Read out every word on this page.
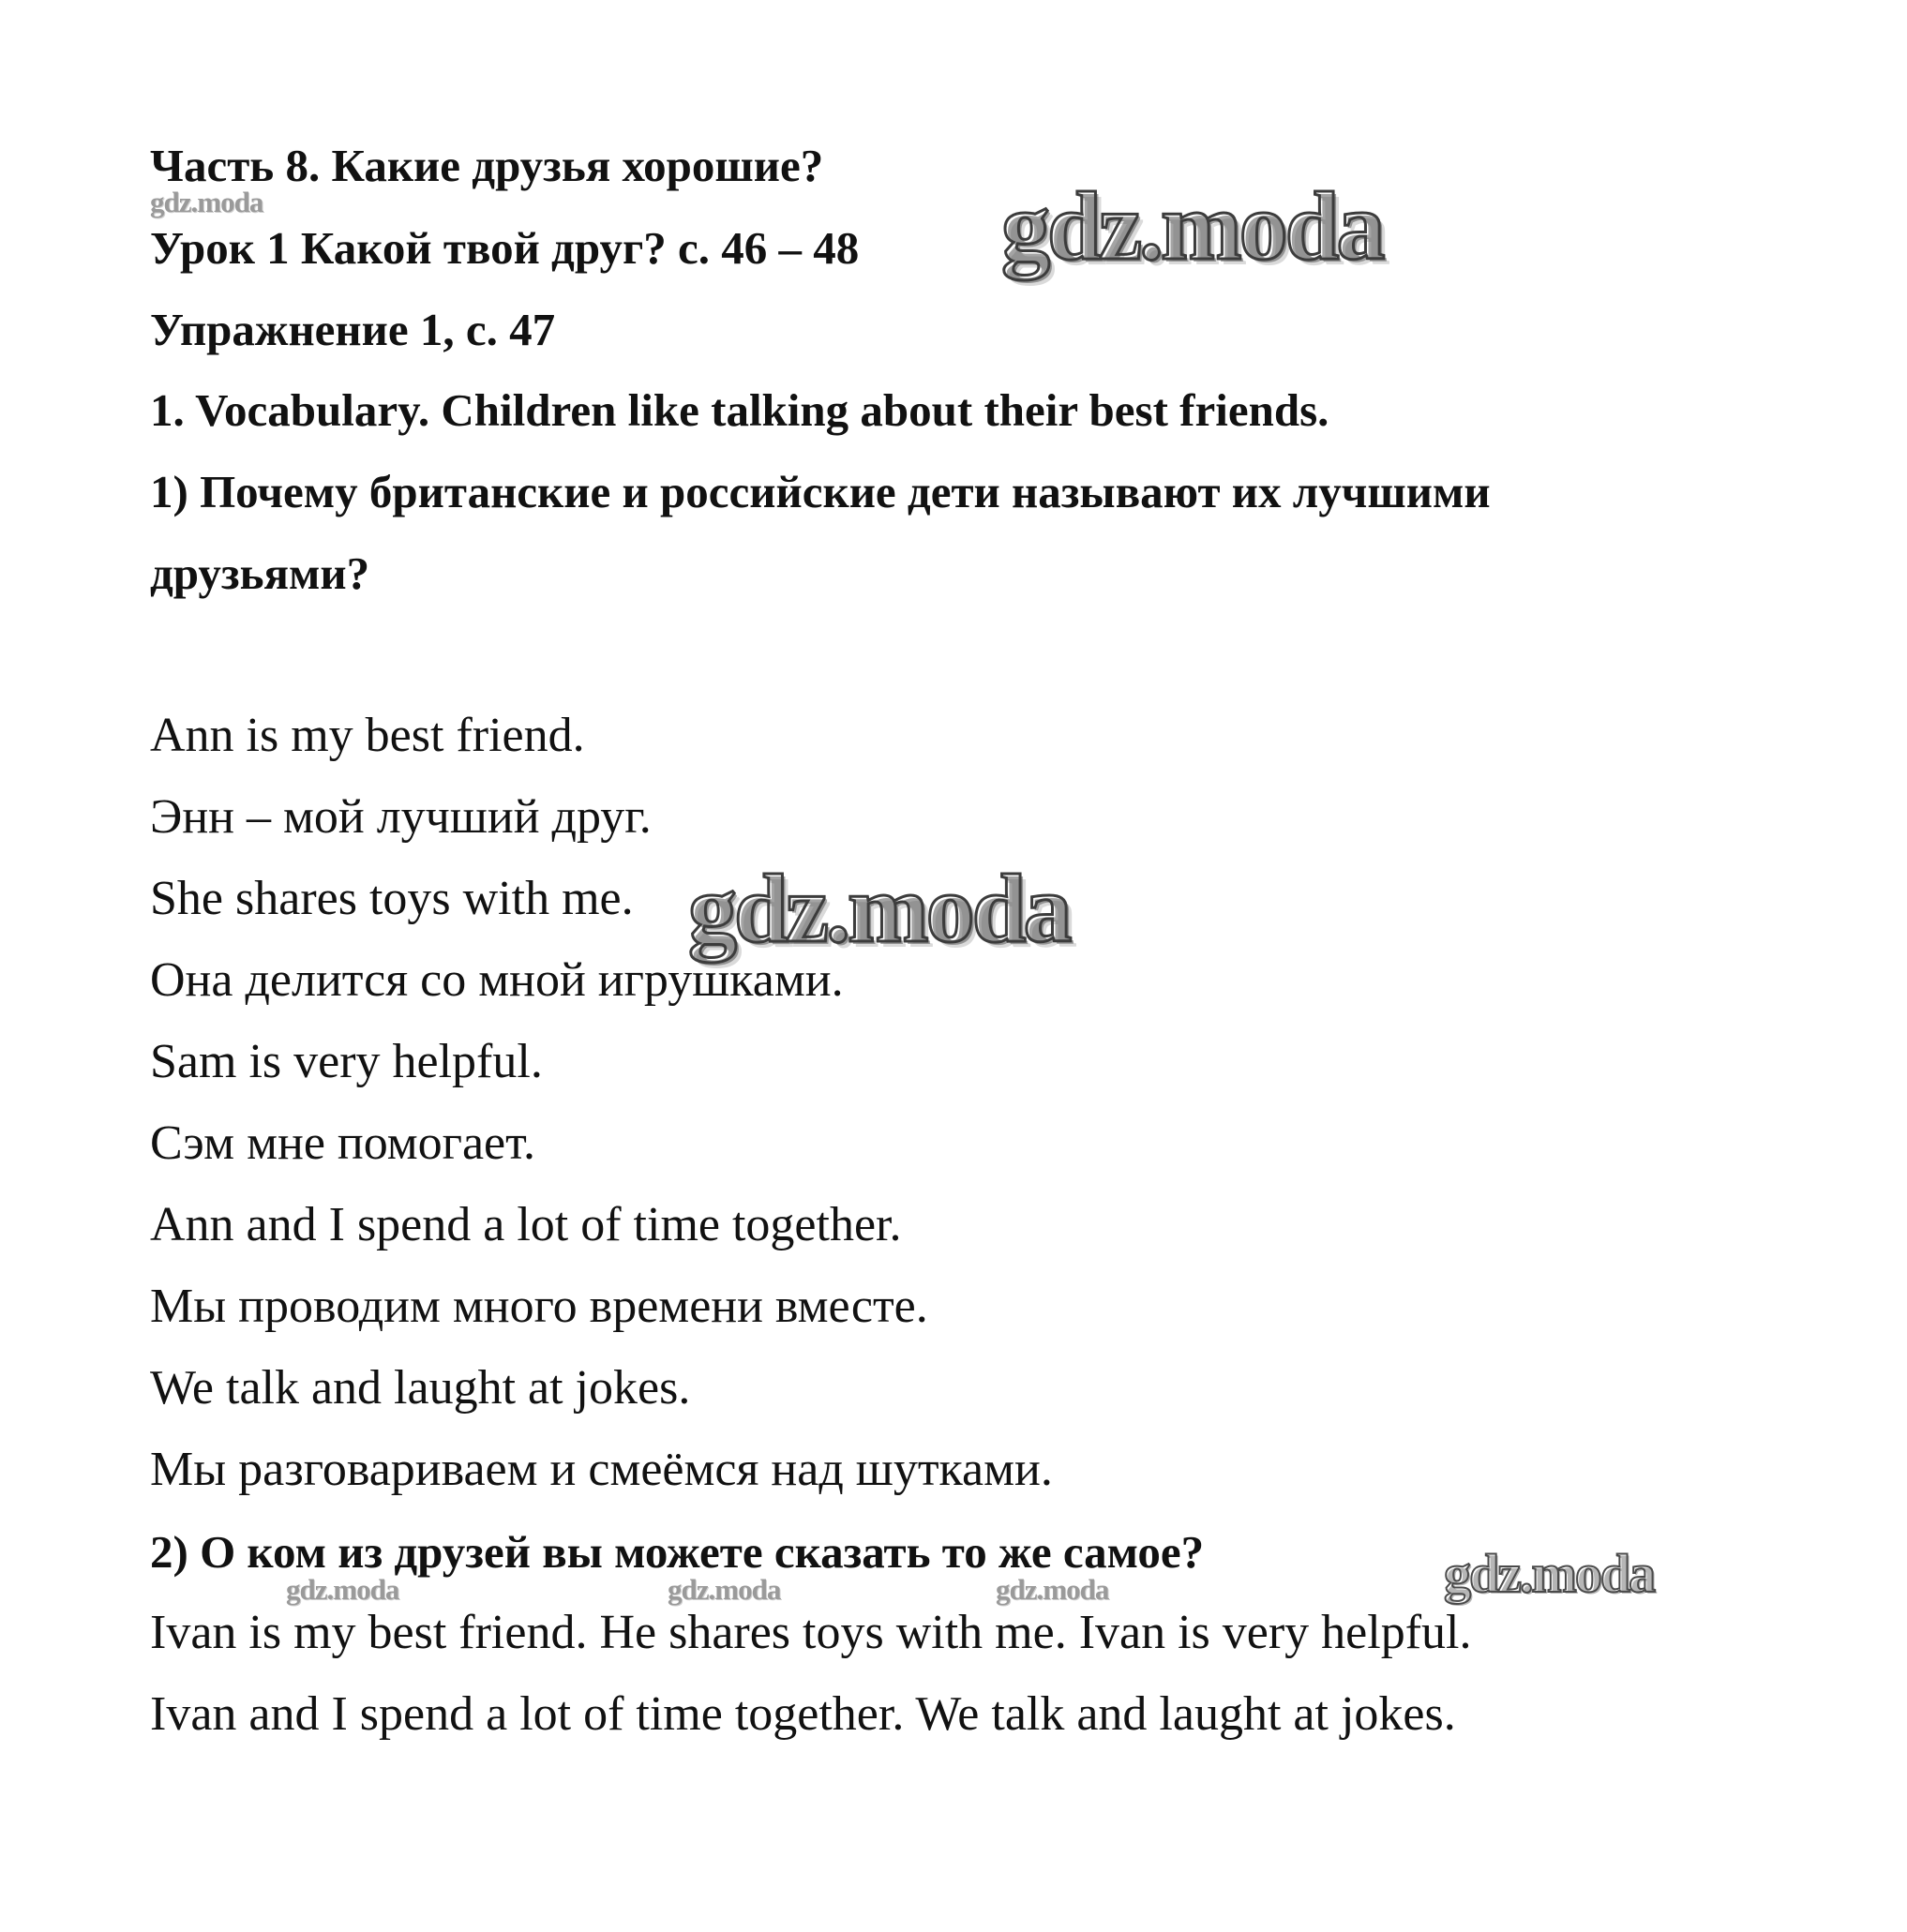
Часть 8. Какие друзья хорошие?
Урок 1 Какой твой друг? с. 46 – 48
Упражнение 1, с. 47
1. Vocabulary. Children like talking about their best friends.
1) Почему британские и российские дети называют их лучшими
друзьями?
Ann is my best friend.
Энн – мой лучший друг.
She shares toys with me.
Она делится со мной игрушками.
Sam is very helpful.
Сэм мне помогает.
Ann and I spend a lot of time together.
Мы проводим много времени вместе.
We talk and laught at jokes.
Мы разговариваем и смеёмся над шутками.
2) О ком из друзей вы можете сказать то же самое?
Ivan is my best friend. He shares toys with me. Ivan is very helpful.
Ivan and I spend a lot of time together. We talk and laught at jokes.
gdz.moda	gdz.moda
gdz.moda
gdz.moda
gdz.moda	gdz.moda	gdz.moda
